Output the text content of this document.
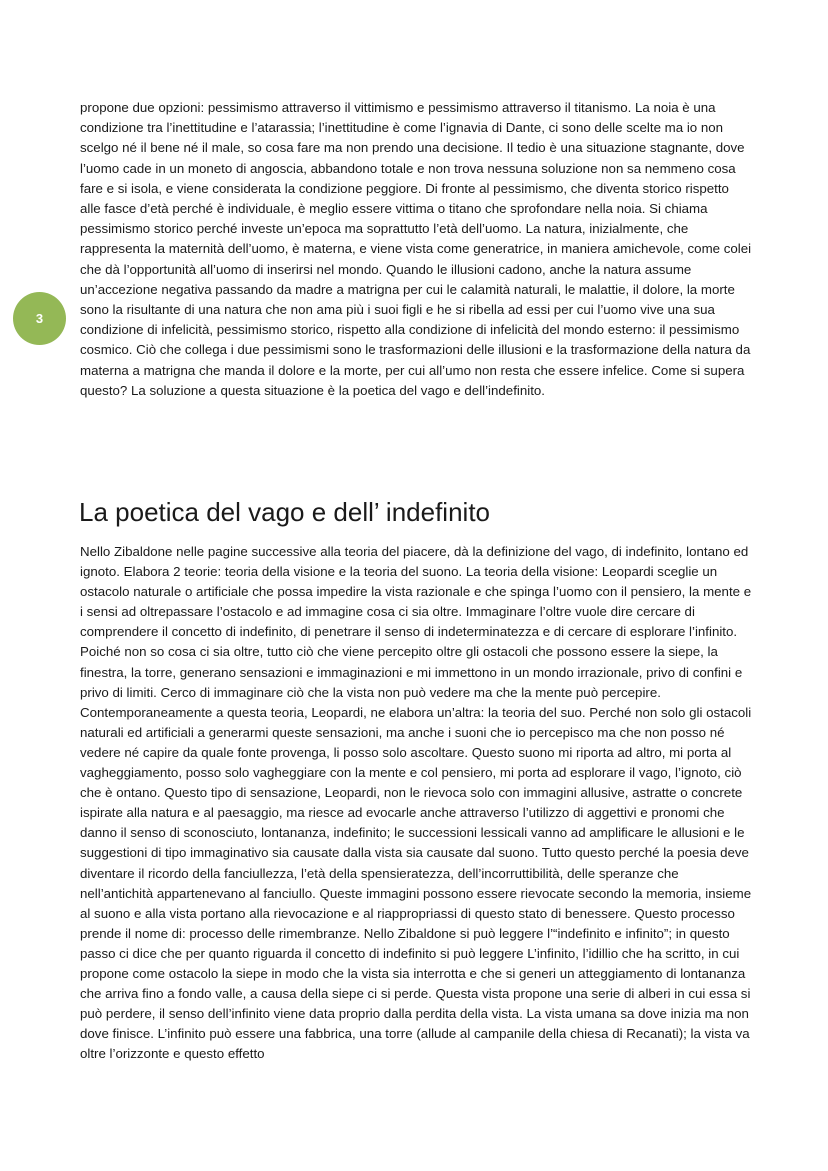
3

propone due opzioni: pessimismo attraverso il vittimismo e pessimismo attraverso il titanismo. La noia è una condizione tra l’inettitudine e l’atarassia; l’inettitudine è come l’ignavia di Dante, ci sono delle scelte ma io non scelgo né il bene né il male, so cosa fare ma non prendo una decisione. Il tedio è una situazione stagnante, dove l’uomo cade in un moneto di angoscia, abbandono totale e non trova nessuna soluzione non sa nemmeno cosa fare e si isola, e viene considerata la condizione peggiore. Di fronte al pessimismo, che diventa storico rispetto alle fasce d’età perché è individuale, è meglio essere vittima o titano che sprofondare nella noia. Si chiama pessimismo storico perché investe un’epoca ma soprattutto l’età dell’uomo. La natura, inizialmente, che rappresenta la maternità dell’uomo, è materna, e viene vista come generatrice, in maniera amichevole, come colei che dà l’opportunità all’uomo di inserirsi nel mondo. Quando le illusioni cadono, anche la natura assume un’accezione negativa passando da madre a matrigna per cui le calamità naturali, le malattie, il dolore, la morte sono la risultante di una natura che non ama più i suoi figli e he si ribella ad essi per cui l’uomo vive una sua condizione di infelicità, pessimismo storico, rispetto alla condizione di infelicità del mondo esterno: il pessimismo cosmico. Ciò che collega i due pessimismi sono le trasformazioni delle illusioni e la trasformazione della natura da materna a matrigna che manda il dolore e la morte, per cui all’umo non resta che essere infelice. Come si supera questo? La soluzione a questa situazione è la poetica del vago e dell’indefinito.

La poetica del vago e dell’ indefinito

Nello Zibaldone nelle pagine successive alla teoria del piacere, dà la definizione del vago, di indefinito, lontano ed ignoto. Elabora 2 teorie: teoria della visione e la teoria del suono. La teoria della visione: Leopardi sceglie un ostacolo naturale o artificiale che possa impedire la vista razionale e che spinga l’uomo con il pensiero, la mente e i sensi ad oltrepassare l’ostacolo e ad immagine cosa ci sia oltre. Immaginare l’oltre vuole dire cercare di comprendere il concetto di indefinito, di penetrare il senso di indeterminatezza e di cercare di esplorare l’infinito. Poiché non so cosa ci sia oltre, tutto ciò che viene percepito oltre gli ostacoli che possono essere la siepe, la finestra, la torre, generano sensazioni e immaginazioni e mi immettono in un mondo irrazionale, privo di confini e privo di limiti. Cerco di immaginare ciò che la vista non può vedere ma che la mente può percepire. Contemporaneamente a questa teoria, Leopardi, ne elabora un’altra: la teoria del suo. Perché non solo gli ostacoli naturali ed artificiali a generarmi queste sensazioni, ma anche i suoni che io percepisco ma che non posso né vedere né capire da quale fonte provenga, li posso solo ascoltare. Questo suono mi riporta ad altro, mi porta al vagheggiamento, posso solo vagheggiare con la mente e col pensiero, mi porta ad esplorare il vago, l’ignoto, ciò che è ontano. Questo tipo di sensazione, Leopardi, non le rievoca solo con immagini allusive, astratte o concrete ispirate alla natura e al paesaggio, ma riesce ad evocarle anche attraverso l’utilizzo di aggettivi e pronomi che danno il senso di sconosciuto, lontananza, indefinito; le successioni lessicali vanno ad amplificare le allusioni e le suggestioni di tipo immaginativo sia causate dalla vista sia causate dal suono. Tutto questo perché la poesia deve diventare il ricordo della fanciullezza, l’età della spensieratezza, dell’incorruttibilità, delle speranze che nell’antichità appartenevano al fanciullo. Queste immagini possono essere rievocate secondo la memoria, insieme al suono e alla vista portano alla rievocazione e al riappropriassi di questo stato di benessere. Questo processo prende il nome di: processo delle rimembranze. Nello Zibaldone si può leggere l’“indefinito e infinito”; in questo passo ci dice che per quanto riguarda il concetto di indefinito si può leggere L’infinito, l’idillio che ha scritto, in cui propone come ostacolo la siepe in modo che la vista sia interrotta e che si generi un atteggiamento di lontananza che arriva fino a fondo valle, a causa della siepe ci si perde. Questa vista propone una serie di alberi in cui essa si può perdere, il senso dell’infinito viene data proprio dalla perdita della vista. La vista umana sa dove inizia ma non dove finisce. L’infinito può essere una fabbrica, una torre (allude al campanile della chiesa di Recanati); la vista va oltre l’orizzonte e questo effetto
